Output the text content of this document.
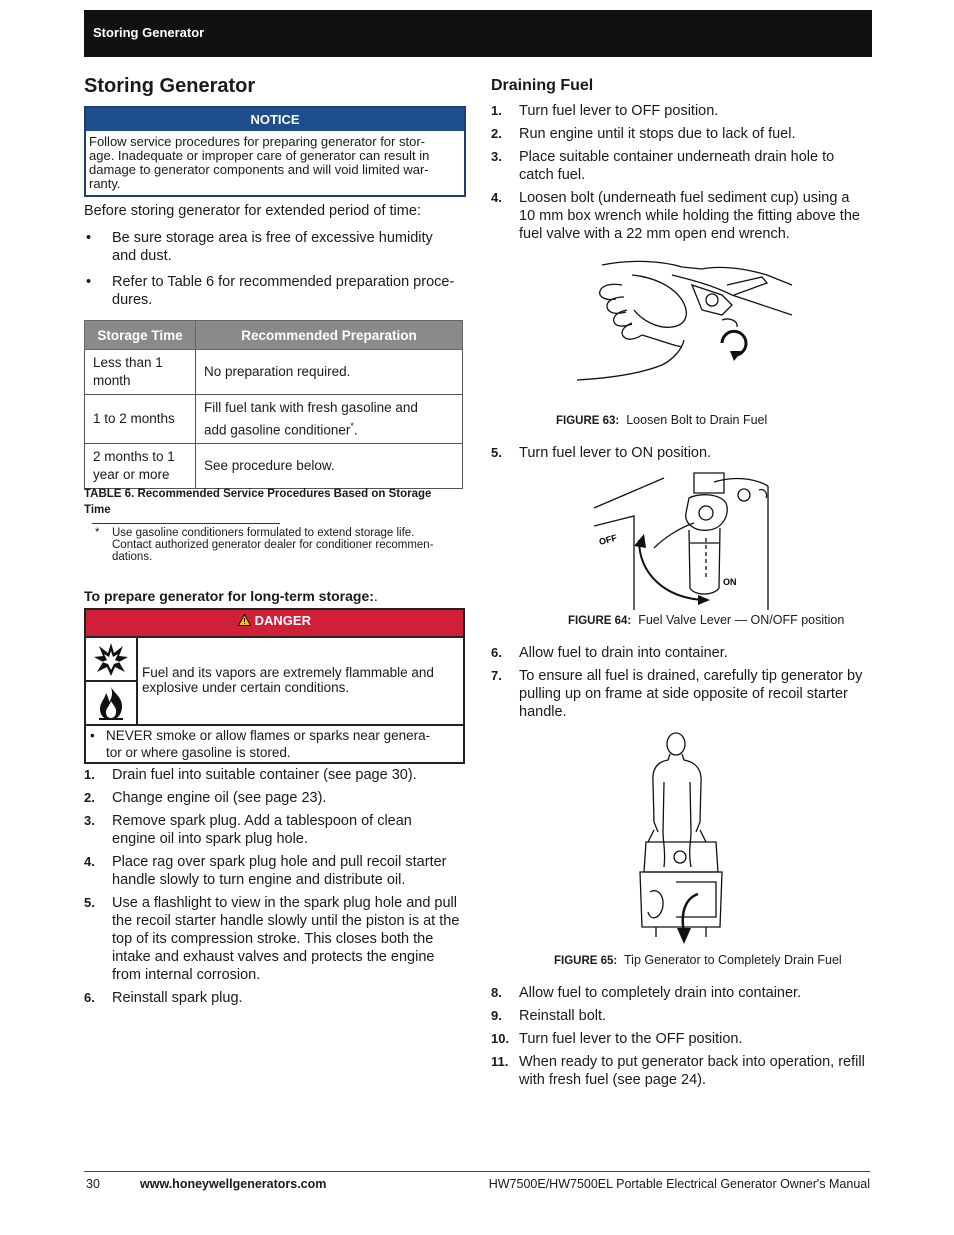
Storing Generator
Storing Generator
NOTICE
Follow service procedures for preparing generator for stor-
age. Inadequate or improper care of generator can result in
damage to generator components and will void limited war-
ranty.
Before storing generator for extended period of time:
• Be sure storage area is free of excessive humidity
and dust.
• Refer to Table 6 for recommended preparation proce-
dures.
Storage Time	Recommended Preparation

Less than 1
month	No preparation required.

1 to 2 months	Fill fuel tank with fresh gasoline and
add gasoline conditioner*.

2 months to 1
year or more	See procedure below.
TABLE 6. Recommended Service Procedures Based on Storage
Time
* Use gasoline conditioners formulated to extend storage life.
Contact authorized generator dealer for conditioner recommen-
dations.
To prepare generator for long-term storage:.
DANGER
Fuel and its vapors are extremely flammable and
explosive under certain conditions.
• NEVER smoke or allow flames or sparks near genera-
tor or where gasoline is stored.
1. Drain fuel into suitable container (see page 30).
2. Change engine oil (see page 23).
3. Remove spark plug. Add a tablespoon of clean
engine oil into spark plug hole.
4. Place rag over spark plug hole and pull recoil starter
handle slowly to turn engine and distribute oil.
5. Use a flashlight to view in the spark plug hole and pull
the recoil starter handle slowly until the piston is at the
top of its compression stroke. This closes both the
intake and exhaust valves and protects the engine
from internal corrosion.
6. Reinstall spark plug.
Draining Fuel
1. Turn fuel lever to OFF position.
2. Run engine until it stops due to lack of fuel.
3. Place suitable container underneath drain hole to
catch fuel.
4. Loosen bolt (underneath fuel sediment cup) using a
10 mm box wrench while holding the fitting above the
fuel valve with a 22 mm open end wrench.
FIGURE 63: Loosen Bolt to Drain Fuel
5. Turn fuel lever to ON position.
OFF
ON
FIGURE 64: Fuel Valve Lever — ON/OFF position
6. Allow fuel to drain into container.
7. To ensure all fuel is drained, carefully tip generator by
pulling up on frame at side opposite of recoil starter
handle.
FIGURE 65: Tip Generator to Completely Drain Fuel
8. Allow fuel to completely drain into container.
9. Reinstall bolt.
10. Turn fuel lever to the OFF position.
11. When ready to put generator back into operation, refill
with fresh fuel (see page 24).
30	www.honeywellgenerators.com	HW7500E/HW7500EL Portable Electrical Generator Owner's Manual
